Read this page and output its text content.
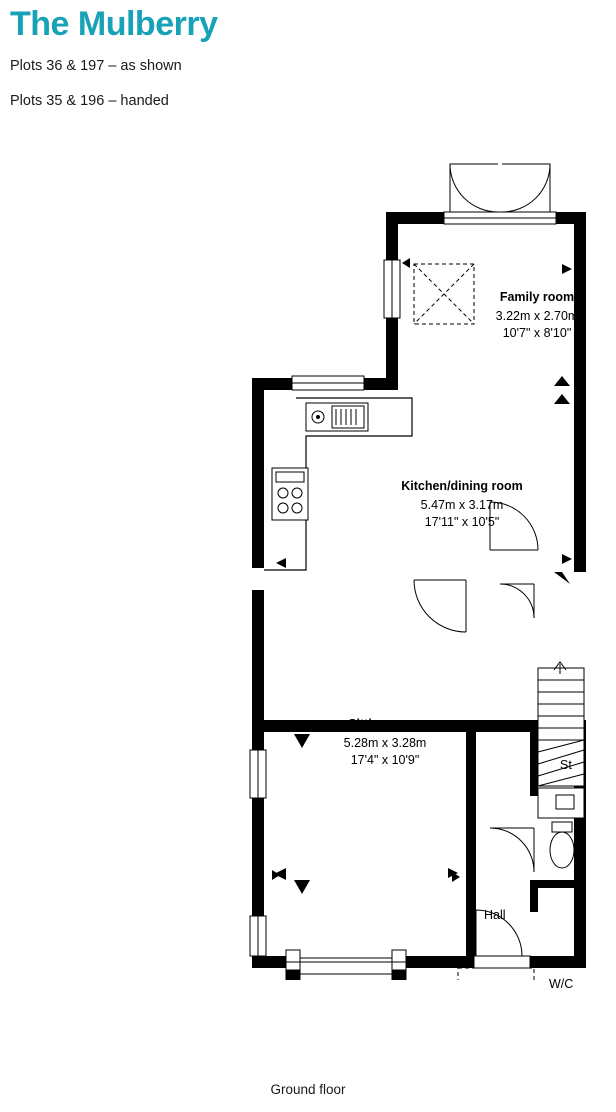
The Mulberry
Plots 36 & 197 – as shown
Plots 35 & 196 – handed
Family room
3.22m x 2.70m
10'7" x 8'10"
Kitchen/dining room
5.47m x 3.17m
17'11" x 10'5"
Sitting room
5.28m x 3.28m
17'4" x 10'9"
Hall
St
W/C
Ground floor
